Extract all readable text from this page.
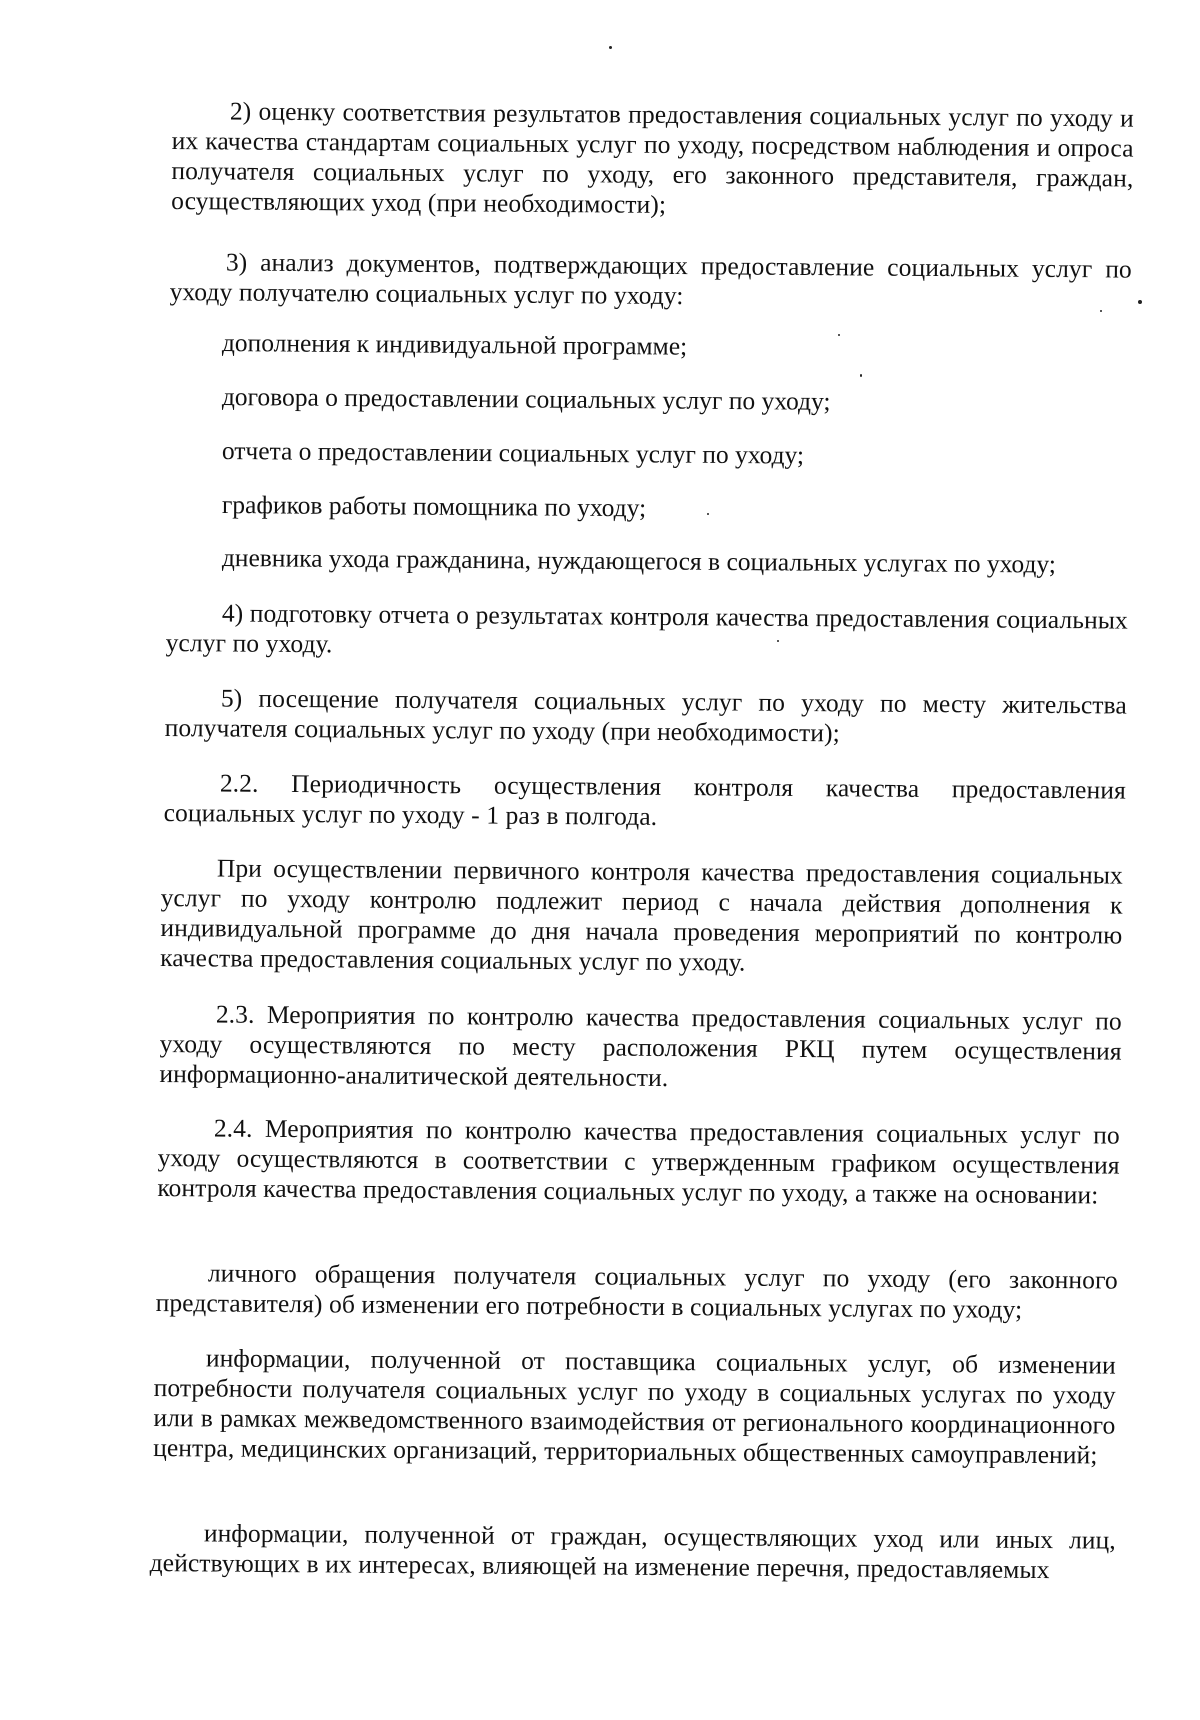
2) оценку соответствия результатов предоставления социальных услуг по уходу и их качества стандартам социальных услуг по уходу, посредством наблюдения и опроса получателя социальных услуг по уходу, его законного представителя, граждан, осуществляющих уход (при необходимости);

3) анализ документов, подтверждающих предоставление социальных услуг по уходу получателю социальных услуг по уходу:

дополнения к индивидуальной программе;

договора о предоставлении социальных услуг по уходу;

отчета о предоставлении социальных услуг по уходу;

графиков работы помощника по уходу;

дневника ухода гражданина, нуждающегося в социальных услугах по уходу;

4) подготовку отчета о результатах контроля качества предоставления социальных услуг по уходу.

5) посещение получателя социальных услуг по уходу по месту жительства получателя социальных услуг по уходу (при необходимости);

2.2. Периодичность осуществления контроля качества предоставления социальных услуг по уходу - 1 раз в полгода.

При осуществлении первичного контроля качества предоставления социальных услуг по уходу контролю подлежит период с начала действия дополнения к индивидуальной программе до дня начала проведения мероприятий по контролю качества предоставления социальных услуг по уходу.

2.3. Мероприятия по контролю качества предоставления социальных услуг по уходу осуществляются по месту расположения РКЦ путем осуществления информационно-аналитической деятельности.

2.4. Мероприятия по контролю качества предоставления социальных услуг по уходу осуществляются в соответствии с утвержденным графиком осуществления контроля качества предоставления социальных услуг по уходу, а также на основании:

личного обращения получателя социальных услуг по уходу (его законного представителя) об изменении его потребности в социальных услугах по уходу;

информации, полученной от поставщика социальных услуг, об изменении потребности получателя социальных услуг по уходу в социальных услугах по уходу или в рамках межведомственного взаимодействия от регионального координационного центра, медицинских организаций, территориальных общественных самоуправлений;

информации, полученной от граждан, осуществляющих уход или иных лиц, действующих в их интересах, влияющей на изменение перечня, предоставляемых
